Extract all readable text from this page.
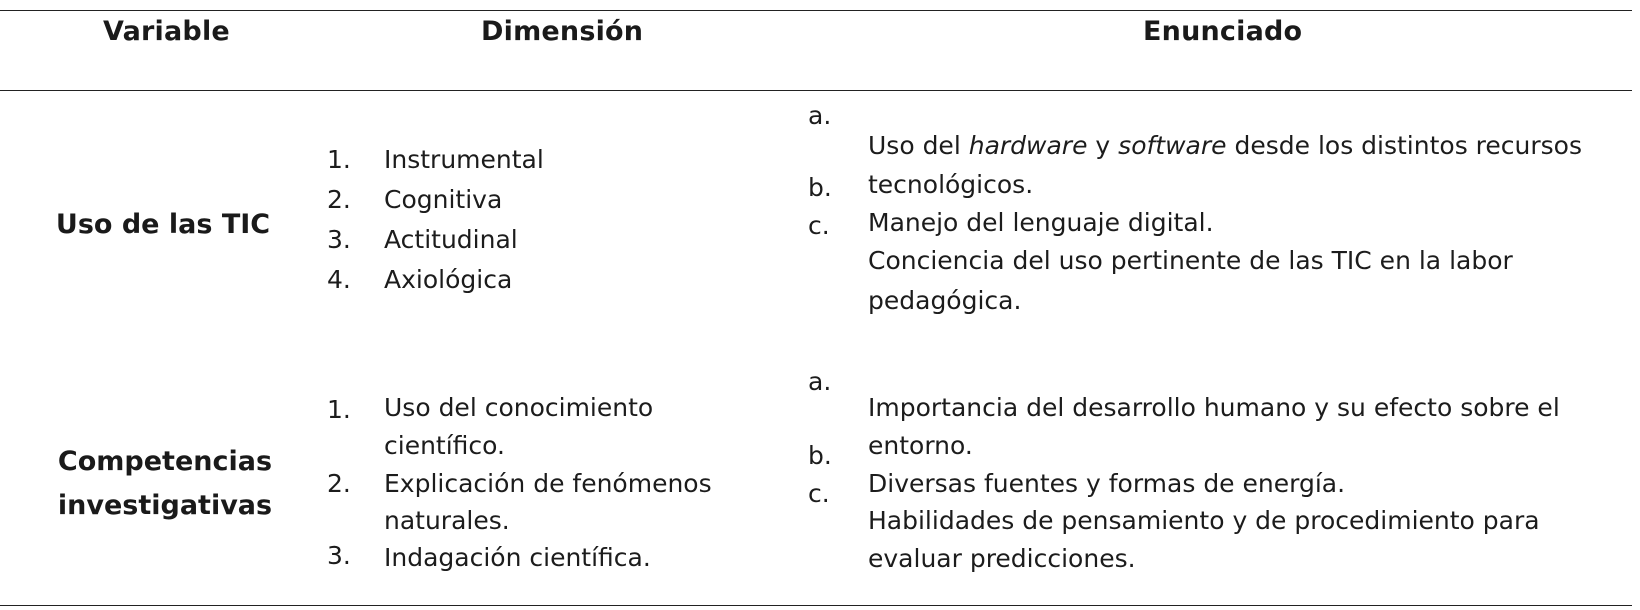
Variable	Dimensión	Enunciado
Uso de las TIC
1. Instrumental
2. Cognitiva
3. Actitudinal
4. Axiológica
a.
b.
c.
Uso del hardware y software desde los distintos recursos
tecnológicos.
Manejo del lenguaje digital.
Conciencia del uso pertinente de las TIC en la labor
pedagógica.
Competencias
investigativas
1. Uso del conocimiento
científico.
2. Explicación de fenómenos
naturales.
3. Indagación científica.
a.
b.
c.
Importancia del desarrollo humano y su efecto sobre el
entorno.
Diversas fuentes y formas de energía.
Habilidades de pensamiento y de procedimiento para
evaluar predicciones.
